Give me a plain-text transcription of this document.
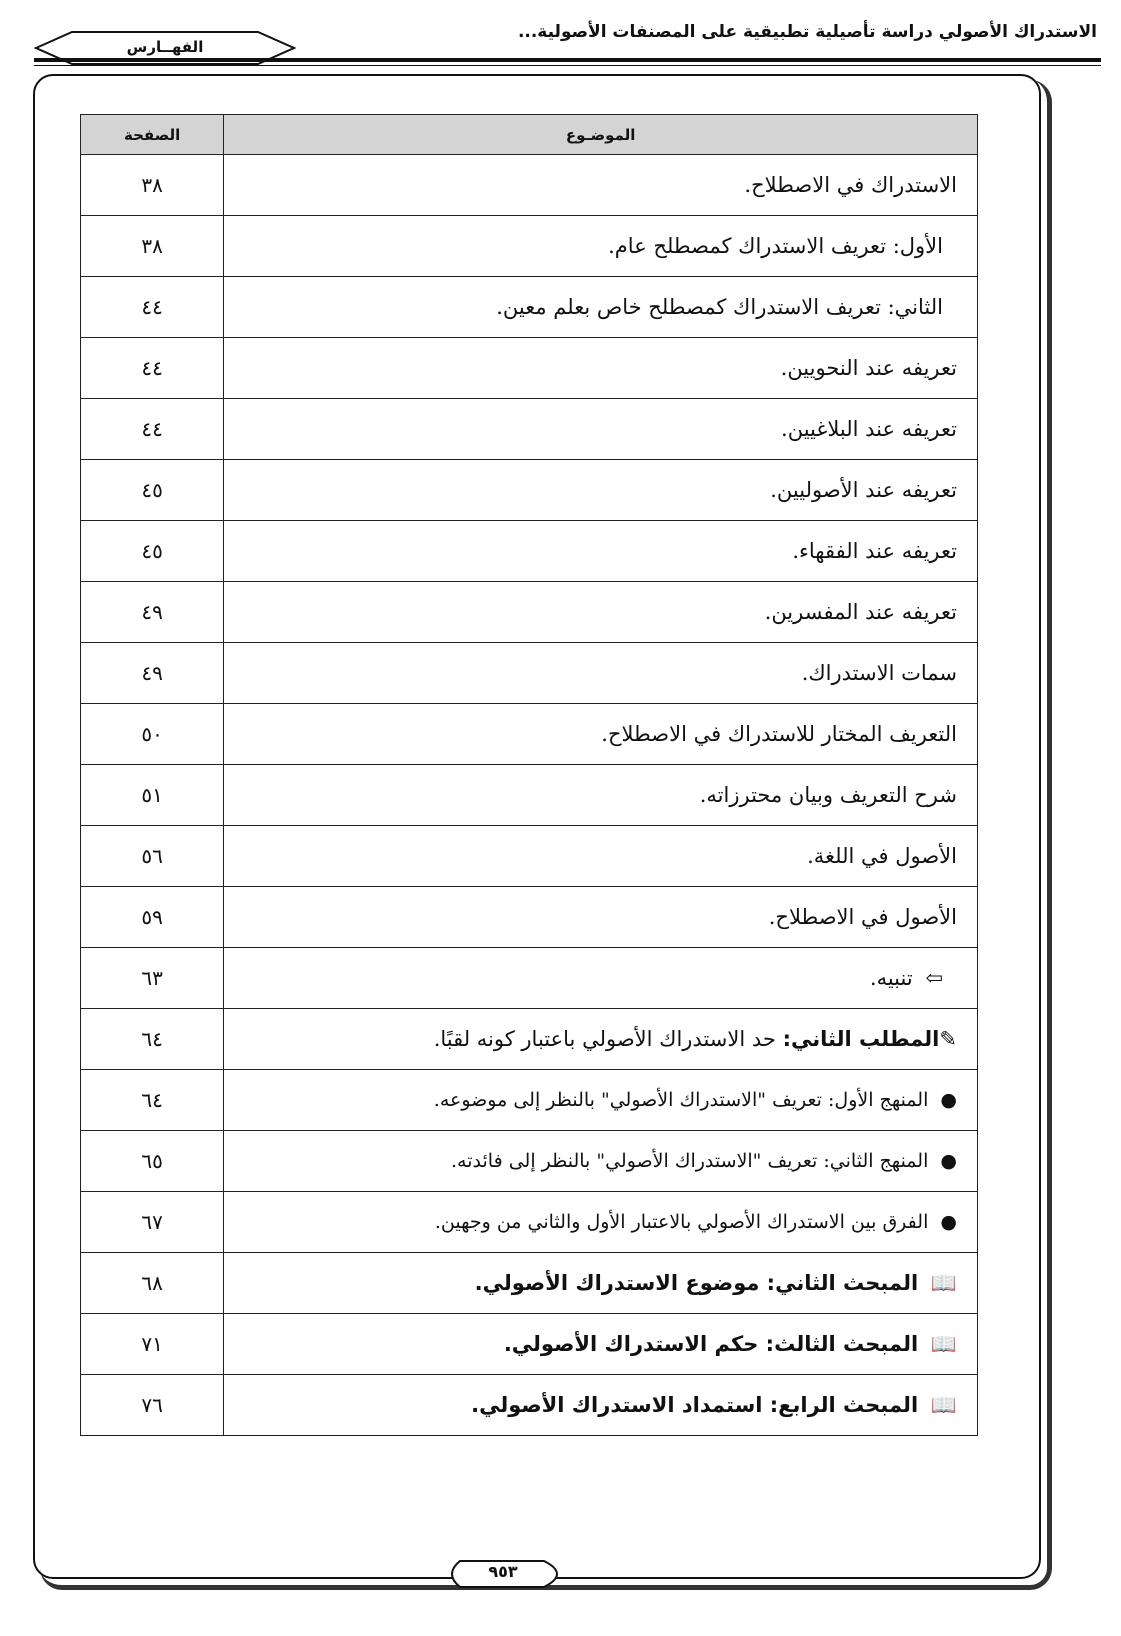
الاستدراك الأصولي دراسة تأصيلية تطبيقية على المصنفات الأصولية...
الفهــارس
الموضـوع	الصفحة
الاستدراك في الاصطلاح.	٣٨
الأول: تعريف الاستدراك كمصطلح عام.	٣٨
الثاني: تعريف الاستدراك كمصطلح خاص بعلم معين.	٤٤
تعريفه عند النحويين.	٤٤
تعريفه عند البلاغيين.	٤٤
تعريفه عند الأصوليين.	٤٥
تعريفه عند الفقهاء.	٤٥
تعريفه عند المفسرين.	٤٩
سمات الاستدراك.	٤٩
التعريف المختار للاستدراك في الاصطلاح.	٥٠
شرح التعريف وبيان محترزاته.	٥١
الأصول في اللغة.	٥٦
الأصول في الاصطلاح.	٥٩
⇦ تنبيه.	٦٣
✎المطلب الثاني: حد الاستدراك الأصولي باعتبار كونه لقبًا.	٦٤
● المنهج الأول: تعريف "الاستدراك الأصولي" بالنظر إلى موضوعه.	٦٤
● المنهج الثاني: تعريف "الاستدراك الأصولي" بالنظر إلى فائدته.	٦٥
● الفرق بين الاستدراك الأصولي بالاعتبار الأول والثاني من وجهين.	٦٧
📖 المبحث الثاني: موضوع الاستدراك الأصولي.	٦٨
📖 المبحث الثالث: حكم الاستدراك الأصولي.	٧١
📖 المبحث الرابع: استمداد الاستدراك الأصولي.	٧٦
٩٥٣
